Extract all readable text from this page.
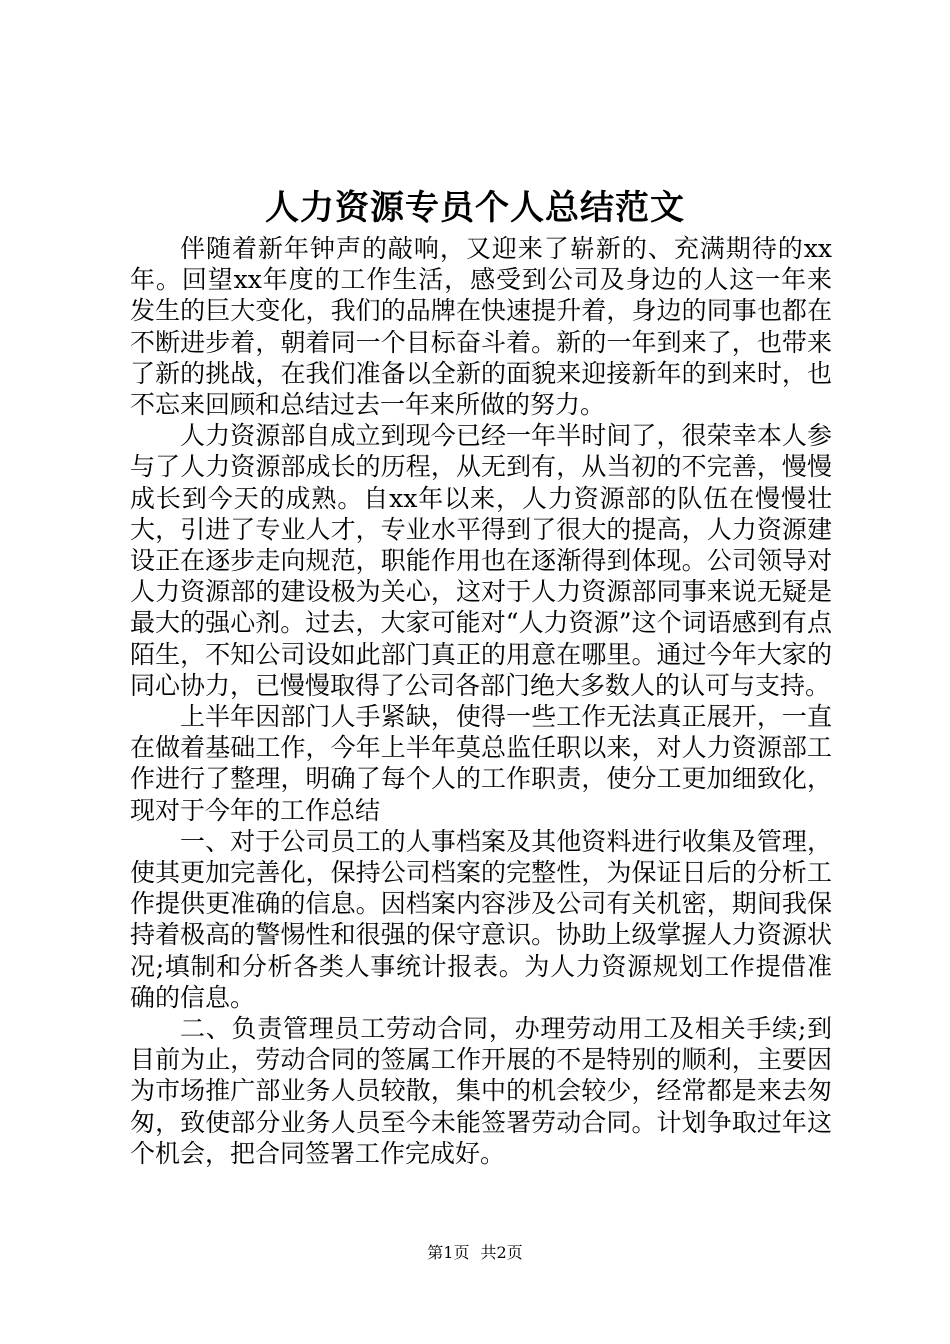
人力资源专员个人总结范文

伴随着新年钟声的敲响，又迎来了崭新的、充满期待的xx年。回望xx年度的工作生活，感受到公司及身边的人这一年来发生的巨大变化，我们的品牌在快速提升着，身边的同事也都在不断进步着，朝着同一个目标奋斗着。新的一年到来了，也带来了新的挑战，在我们准备以全新的面貌来迎接新年的到来时，也不忘来回顾和总结过去一年来所做的努力。

人力资源部自成立到现今已经一年半时间了，很荣幸本人参与了人力资源部成长的历程，从无到有，从当初的不完善，慢慢成长到今天的成熟。自xx年以来，人力资源部的队伍在慢慢壮大，引进了专业人才，专业水平得到了很大的提高，人力资源建设正在逐步走向规范，职能作用也在逐渐得到体现。公司领导对人力资源部的建设极为关心，这对于人力资源部同事来说无疑是最大的强心剂。过去，大家可能对“人力资源”这个词语感到有点陌生，不知公司设如此部门真正的用意在哪里。通过今年大家的同心协力，已慢慢取得了公司各部门绝大多数人的认可与支持。

上半年因部门人手紧缺，使得一些工作无法真正展开，一直在做着基础工作，今年上半年莫总监任职以来，对人力资源部工作进行了整理，明确了每个人的工作职责，使分工更加细致化，现对于今年的工作总结

一、对于公司员工的人事档案及其他资料进行收集及管理，使其更加完善化，保持公司档案的完整性，为保证日后的分析工作提供更准确的信息。因档案内容涉及公司有关机密，期间我保持着极高的警惕性和很强的保守意识。协助上级掌握人力资源状况;填制和分析各类人事统计报表。为人力资源规划工作提借准确的信息。

二、负责管理员工劳动合同，办理劳动用工及相关手续;到目前为止，劳动合同的签属工作开展的不是特别的顺利，主要因为市场推广部业务人员较散，集中的机会较少，经常都是来去匆匆，致使部分业务人员至今未能签署劳动合同。计划争取过年这个机会，把合同签署工作完成好。

第1页 共2页
